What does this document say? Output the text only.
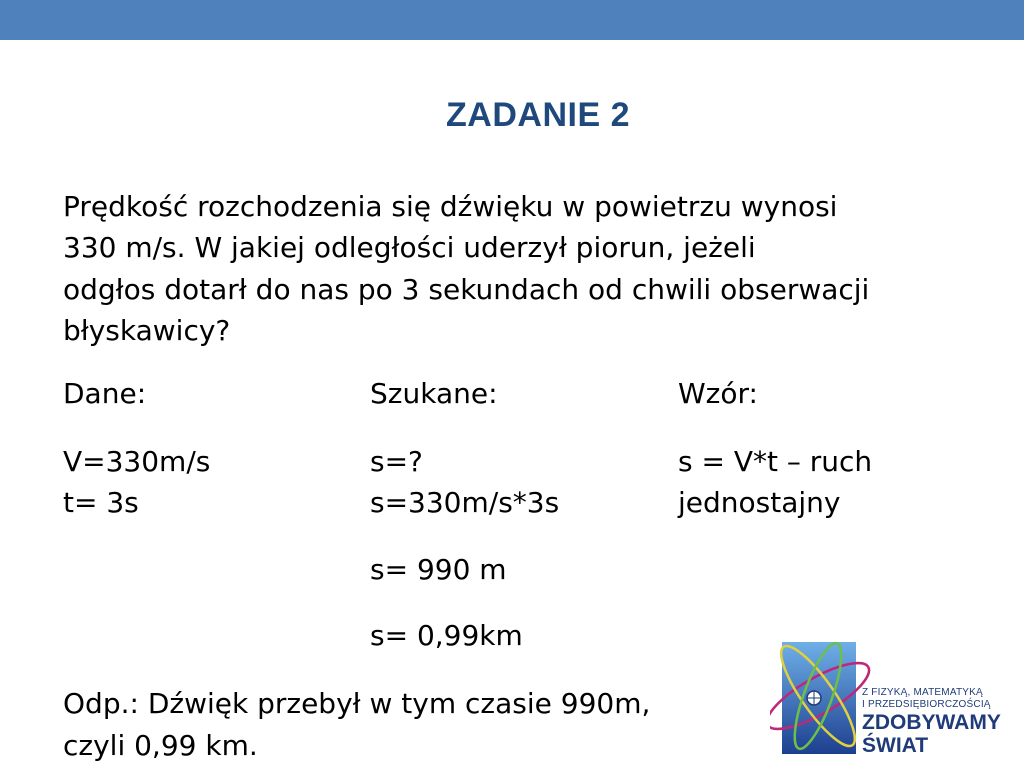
ZADANIE 2
Prędkość rozchodzenia się dźwięku w powietrzu wynosi
330 m/s. W jakiej odległości uderzył piorun, jeżeli
odgłos dotarł do nas po 3 sekundach od chwili obserwacji
błyskawicy?
Dane:	Szukane:	Wzór:
V=330m/s
t= 3s
s=?
s=330m/s*3s
s= 990 m
s= 0,99km
s = V*t – ruch
jednostajny
Odp.: Dźwięk przebył w tym czasie 990m,
czyli 0,99 km.
Z FIZYKĄ, MATEMATYKĄ
I PRZEDSIĘBIORCZOŚCIĄ
ZDOBYWAMY
ŚWIAT
